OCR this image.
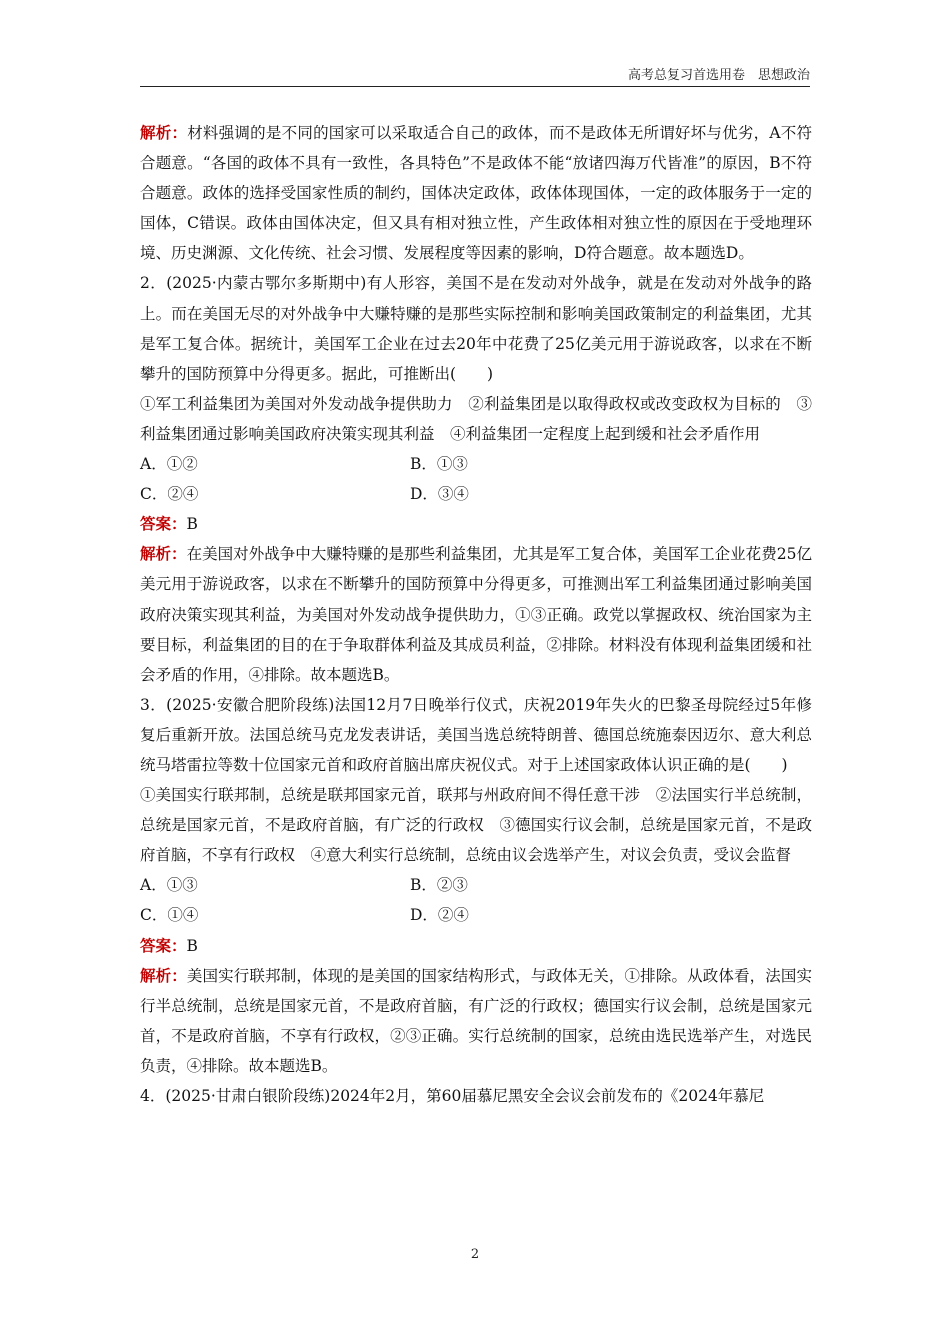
高考总复习首选用卷　思想政治

解析：材料强调的是不同的国家可以采取适合自己的政体，而不是政体无所谓好坏与优劣，A不符合题意。“各国的政体不具有一致性，各具特色”不是政体不能“放诸四海万代皆准”的原因，B不符合题意。政体的选择受国家性质的制约，国体决定政体，政体体现国体，一定的政体服务于一定的国体，C错误。政体由国体决定，但又具有相对独立性，产生政体相对独立性的原因在于受地理环境、历史渊源、文化传统、社会习惯、发展程度等因素的影响，D符合题意。故本题选D。

2．(2025·内蒙古鄂尔多斯期中)有人形容，美国不是在发动对外战争，就是在发动对外战争的路上。而在美国无尽的对外战争中大赚特赚的是那些实际控制和影响美国政策制定的利益集团，尤其是军工复合体。据统计，美国军工企业在过去20年中花费了25亿美元用于游说政客，以求在不断攀升的国防预算中分得更多。据此，可推断出(　　)

①军工利益集团为美国对外发动战争提供助力　②利益集团是以取得政权或改变政权为目标的　③利益集团通过影响美国政府决策实现其利益　④利益集团一定程度上起到缓和社会矛盾作用

A．①②	B．①③
C．②④	D．③④

答案：B

解析：在美国对外战争中大赚特赚的是那些利益集团，尤其是军工复合体，美国军工企业花费25亿美元用于游说政客，以求在不断攀升的国防预算中分得更多，可推测出军工利益集团通过影响美国政府决策实现其利益，为美国对外发动战争提供助力，①③正确。政党以掌握政权、统治国家为主要目标，利益集团的目的在于争取群体利益及其成员利益，②排除。材料没有体现利益集团缓和社会矛盾的作用，④排除。故本题选B。

3．(2025·安徽合肥阶段练)法国12月7日晚举行仪式，庆祝2019年失火的巴黎圣母院经过5年修复后重新开放。法国总统马克龙发表讲话，美国当选总统特朗普、德国总统施泰因迈尔、意大利总统马塔雷拉等数十位国家元首和政府首脑出席庆祝仪式。对于上述国家政体认识正确的是(　　)

①美国实行联邦制，总统是联邦国家元首，联邦与州政府间不得任意干涉　②法国实行半总统制，总统是国家元首，不是政府首脑，有广泛的行政权　③德国实行议会制，总统是国家元首，不是政府首脑，不享有行政权　④意大利实行总统制，总统由议会选举产生，对议会负责，受议会监督

A．①③	B．②③
C．①④	D．②④

答案：B

解析：美国实行联邦制，体现的是美国的国家结构形式，与政体无关，①排除。从政体看，法国实行半总统制，总统是国家元首，不是政府首脑，有广泛的行政权；德国实行议会制，总统是国家元首，不是政府首脑，不享有行政权，②③正确。实行总统制的国家，总统由选民选举产生，对选民负责，④排除。故本题选B。

4．(2025·甘肃白银阶段练)2024年2月，第60届慕尼黑安全会议会前发布的《2024年慕尼

2
